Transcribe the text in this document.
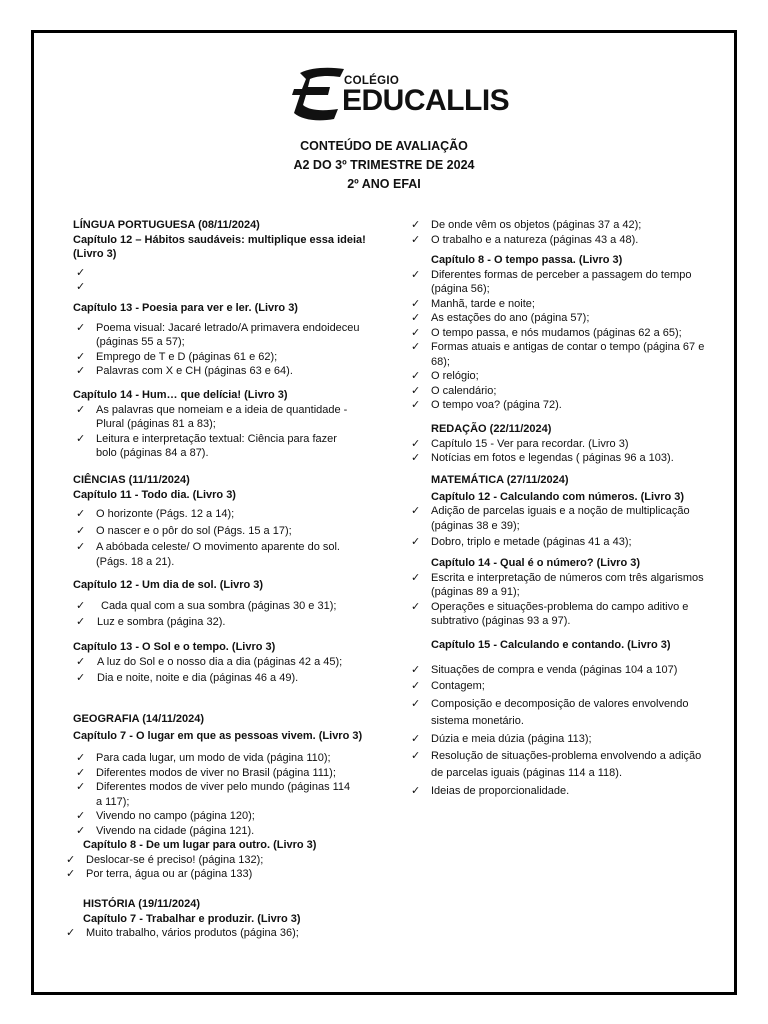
COLÉGIO
EDUCALLIS
CONTEÚDO DE AVALIAÇÃO
A2 DO 3º TRIMESTRE DE 2024
2º ANO EFAI
LÍNGUA PORTUGUESA (08/11/2024)
Capítulo 12 – Hábitos saudáveis: multiplique essa ideia!
(Livro 3)
✓

✓

Capítulo 13 - Poesia para ver e ler. (Livro 3)
✓ Poema visual: Jacaré letrado/A primavera endoideceu
(páginas 55 a 57);
✓ Emprego de T e D (páginas 61 e 62);
✓ Palavras com X e CH (páginas 63 e 64).
Capítulo 14 - Hum… que delícia! (Livro 3)
✓ As palavras que nomeiam e a ideia de quantidade -
Plural (páginas 81 a 83);
✓ Leitura e interpretação textual: Ciência para fazer
bolo (páginas 84 a 87).
CIÊNCIAS (11/11/2024)
Capítulo 11 - Todo dia. (Livro 3)
✓ O horizonte (Págs. 12 a 14);
✓ O nascer e o pôr do sol (Págs. 15 a 17);
✓ A abóbada celeste/ O movimento aparente do sol.
(Págs. 18 a 21).
Capítulo 12 - Um dia de sol. (Livro 3)
✓ Cada qual com a sua sombra (páginas 30 e 31);
✓ Luz e sombra (página 32).
Capítulo 13 - O Sol e o tempo. (Livro 3)
✓ A luz do Sol e o nosso dia a dia (páginas 42 a 45);
✓ Dia e noite, noite e dia (páginas 46 a 49).
GEOGRAFIA (14/11/2024)
Capítulo 7 - O lugar em que as pessoas vivem. (Livro 3)
✓ Para cada lugar, um modo de vida (página 110);
✓ Diferentes modos de viver no Brasil (página 111);
✓ Diferentes modos de viver pelo mundo (páginas 114
a 117);
✓ Vivendo no campo (página 120);
✓ Vivendo na cidade (página 121).
Capítulo 8 - De um lugar para outro. (Livro 3)
✓ Deslocar-se é preciso! (página 132);
✓ Por terra, água ou ar (página 133)
HISTÓRIA (19/11/2024)
Capítulo 7 - Trabalhar e produzir. (Livro 3)
✓ Muito trabalho, vários produtos (página 36);
✓ De onde vêm os objetos (páginas 37 a 42);
✓ O trabalho e a natureza (páginas 43 a 48).
Capítulo 8 - O tempo passa. (Livro 3)
✓ Diferentes formas de perceber a passagem do tempo
(página 56);
✓ Manhã, tarde e noite;
✓ As estações do ano (página 57);
✓ O tempo passa, e nós mudamos (páginas 62 a 65);
✓ Formas atuais e antigas de contar o tempo (página 67 e
68);
✓ O relógio;
✓ O calendário;
✓ O tempo voa? (página 72).
REDAÇÃO (22/11/2024)
✓ Capítulo 15 - Ver para recordar. (Livro 3)
✓ Notícias em fotos e legendas ( páginas 96 a 103).
MATEMÁTICA (27/11/2024)
Capítulo 12 - Calculando com números. (Livro 3)
✓ Adição de parcelas iguais e a noção de multiplicação
(páginas 38 e 39);
✓ Dobro, triplo e metade (páginas 41 a 43);
Capítulo 14 - Qual é o número? (Livro 3)
✓ Escrita e interpretação de números com três algarismos
(páginas 89 a 91);
✓ Operações e situações-problema do campo aditivo e
subtrativo (páginas 93 a 97).
Capítulo 15 - Calculando e contando. (Livro 3)
✓ Situações de compra e venda (páginas 104 a 107)
✓ Contagem;
✓ Composição e decomposição de valores envolvendo
sistema monetário.
✓ Dúzia e meia dúzia (página 113);
✓ Resolução de situações-problema envolvendo a adição
de parcelas iguais (páginas 114 a 118).
✓ Ideias de proporcionalidade.
